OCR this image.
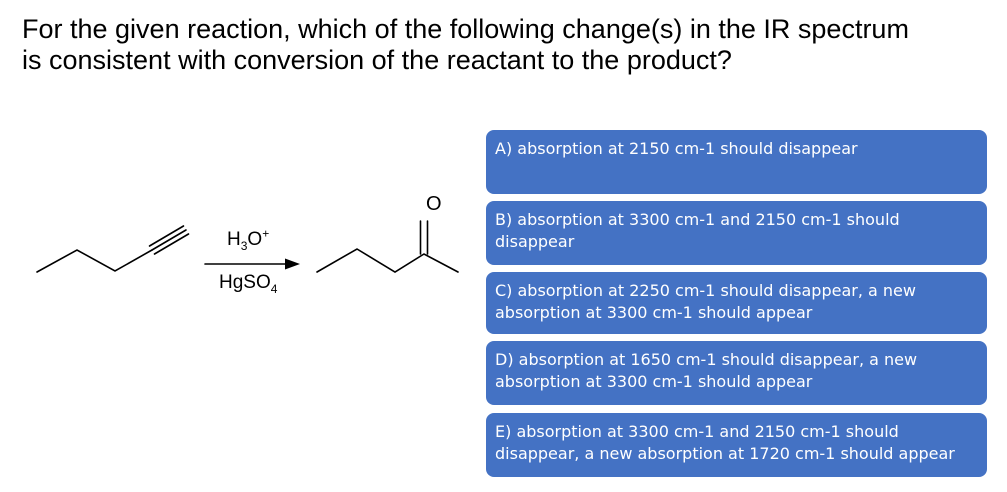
For the given reaction, which of the following change(s) in the IR spectrum
is consistent with conversion of the reactant to the product?
O
$H_3O^+$
HgSO$_4$
A) absorption at 2150 cm-1 should disappear
B) absorption at 3300 cm-1 and 2150 cm-1 should disappear
C) absorption at 2250 cm-1 should disappear, a new absorption at 3300 cm-1 should appear
D) absorption at 1650 cm-1 should disappear, a new absorption at 3300 cm-1 should appear
E) absorption at 3300 cm-1 and 2150 cm-1 should disappear, a new absorption at 1720 cm-1 should appear
